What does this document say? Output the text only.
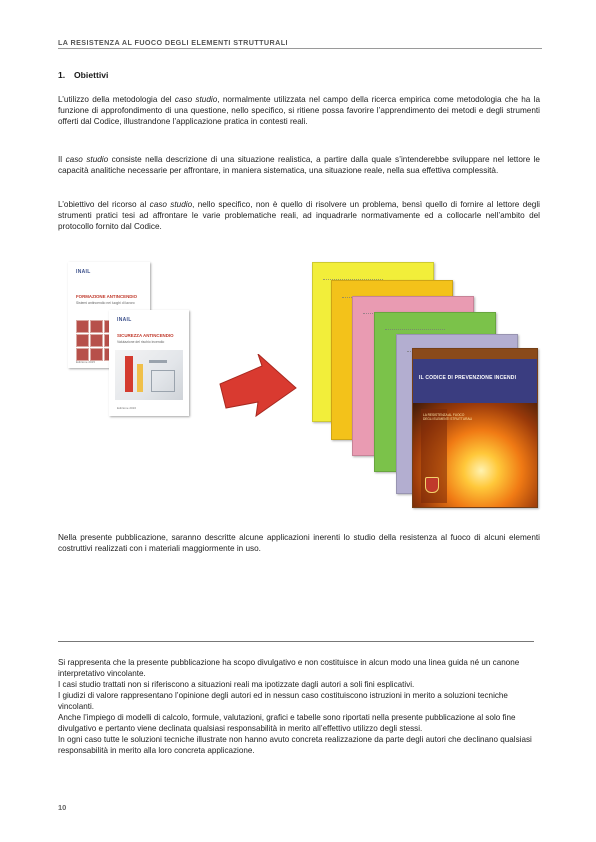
LA RESISTENZA AL FUOCO DEGLI ELEMENTI STRUTTURALI
1. Obiettivi

L’utilizzo della metodologia del caso studio, normalmente utilizzata nel campo della ricerca empirica come metodologia che ha la funzione di approfondimento di una questione, nello specifico, si ritiene possa favorire l’apprendimento dei metodi e degli strumenti offerti dal Codice, illustrandone l’applicazione pratica in contesti reali.

Il caso studio consiste nella descrizione di una situazione realistica, a partire dalla quale s’intenderebbe sviluppare nel lettore le capacità analitiche necessarie per affrontare, in maniera sistematica, una situazione reale, nella sua effettiva complessità.

L’obiettivo del ricorso al caso studio, nello specifico, non è quello di risolvere un problema, bensì quello di fornire al lettore degli strumenti pratici tesi ad affrontare le varie problematiche reali, ad inquadrarle normativamente ed a collocarle nell’ambito del protocollo fornito dal Codice.

INAIL
FORMAZIONE ANTINCENDIO
Sistemi antincendio nei luoghi di lavoro
Edizione 2015
INAIL
SICUREZZA ANTINCENDIO
Valutazione del rischio incendio
Edizione 2016
IL CODICE DI PREVENZIONE INCENDI
LA RESISTENZA AL FUOCO DEGLI ELEMENTI STRUTTURALI

Nella presente pubblicazione, saranno descritte alcune applicazioni inerenti lo studio della resistenza al fuoco di alcuni elementi costruttivi realizzati con i materiali maggiormente in uso.

Si rappresenta che la presente pubblicazione ha scopo divulgativo e non costituisce in alcun modo una linea guida né un canone interpretativo vincolante.

I casi studio trattati non si riferiscono a situazioni reali ma ipotizzate dagli autori a soli fini esplicativi.

I giudizi di valore rappresentano l’opinione degli autori ed in nessun caso costituiscono istruzioni in merito a soluzioni tecniche vincolanti.

Anche l’impiego di modelli di calcolo, formule, valutazioni, grafici e tabelle sono riportati nella presente pubblicazione al solo fine divulgativo e pertanto viene declinata qualsiasi responsabilità in merito all’effettivo utilizzo degli stessi.

In ogni caso tutte le soluzioni tecniche illustrate non hanno avuto concreta realizzazione da parte degli autori che declinano qualsiasi responsabilità in merito alla loro concreta applicazione.

10
